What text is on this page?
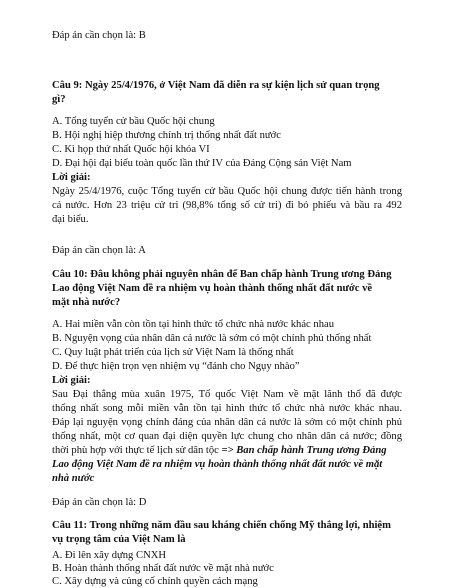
Đáp án cần chọn là: B
Câu 9: Ngày 25/4/1976, ở Việt Nam đã diễn ra sự kiện lịch sử quan trọng
gì?
A. Tổng tuyển cử bầu Quốc hội chung
B. Hội nghị hiệp thương chính trị thống nhất đất nước
C. Kì họp thứ nhất Quốc hội khóa VI
D. Đại hội đại biểu toàn quốc lần thứ IV của Đảng Cộng sản Việt Nam
Lời giải:
Ngày 25/4/1976, cuộc Tổng tuyển cử bầu Quốc hội chung được tiến hành trong
cả nước. Hơn 23 triệu cử tri (98,8% tổng số cử tri) đi bỏ phiếu và bầu ra 492
đại biểu.
Đáp án cần chọn là: A
Câu 10: Đâu không phải nguyên nhân để Ban chấp hành Trung ương Đảng
Lao động Việt Nam đề ra nhiệm vụ hoàn thành thống nhất đất nước về
mặt nhà nước?
A. Hai miền vẫn còn tồn tại hình thức tổ chức nhà nước khác nhau
B. Nguyện vọng của nhân dân cả nước là sớm có một chính phủ thống nhất
C. Quy luật phát triển của lịch sử Việt Nam là thống nhất
D. Để thực hiện trọn vẹn nhiệm vụ “đánh cho Ngụy nhào”
Lời giải:
Sau Đại thắng mùa xuân 1975, Tổ quốc Việt Nam về mặt lãnh thổ đã được
thống nhất song mỗi miền vẫn tồn tại hình thức tổ chức nhà nước khác nhau.
Đáp lại nguyện vọng chính đáng của nhân dân cả nước là sớm có một chính phủ
thống nhất, một cơ quan đại diện quyền lực chung cho nhân dân cả nước; đồng
thời phù hợp với thực tế lịch sử dân tộc => Ban chấp hành Trung ương Đảng
Lao động Việt Nam đề ra nhiệm vụ hoàn thành thống nhất đất nước về mặt
nhà nước
Đáp án cần chọn là: D
Câu 11: Trong những năm đầu sau kháng chiến chống Mỹ thắng lợi, nhiệm
vụ trọng tâm của Việt Nam là
A. Đi lên xây dựng CNXH
B. Hoàn thành thống nhất đất nước về mặt nhà nước
C. Xây dựng và củng cố chính quyền cách mạng
